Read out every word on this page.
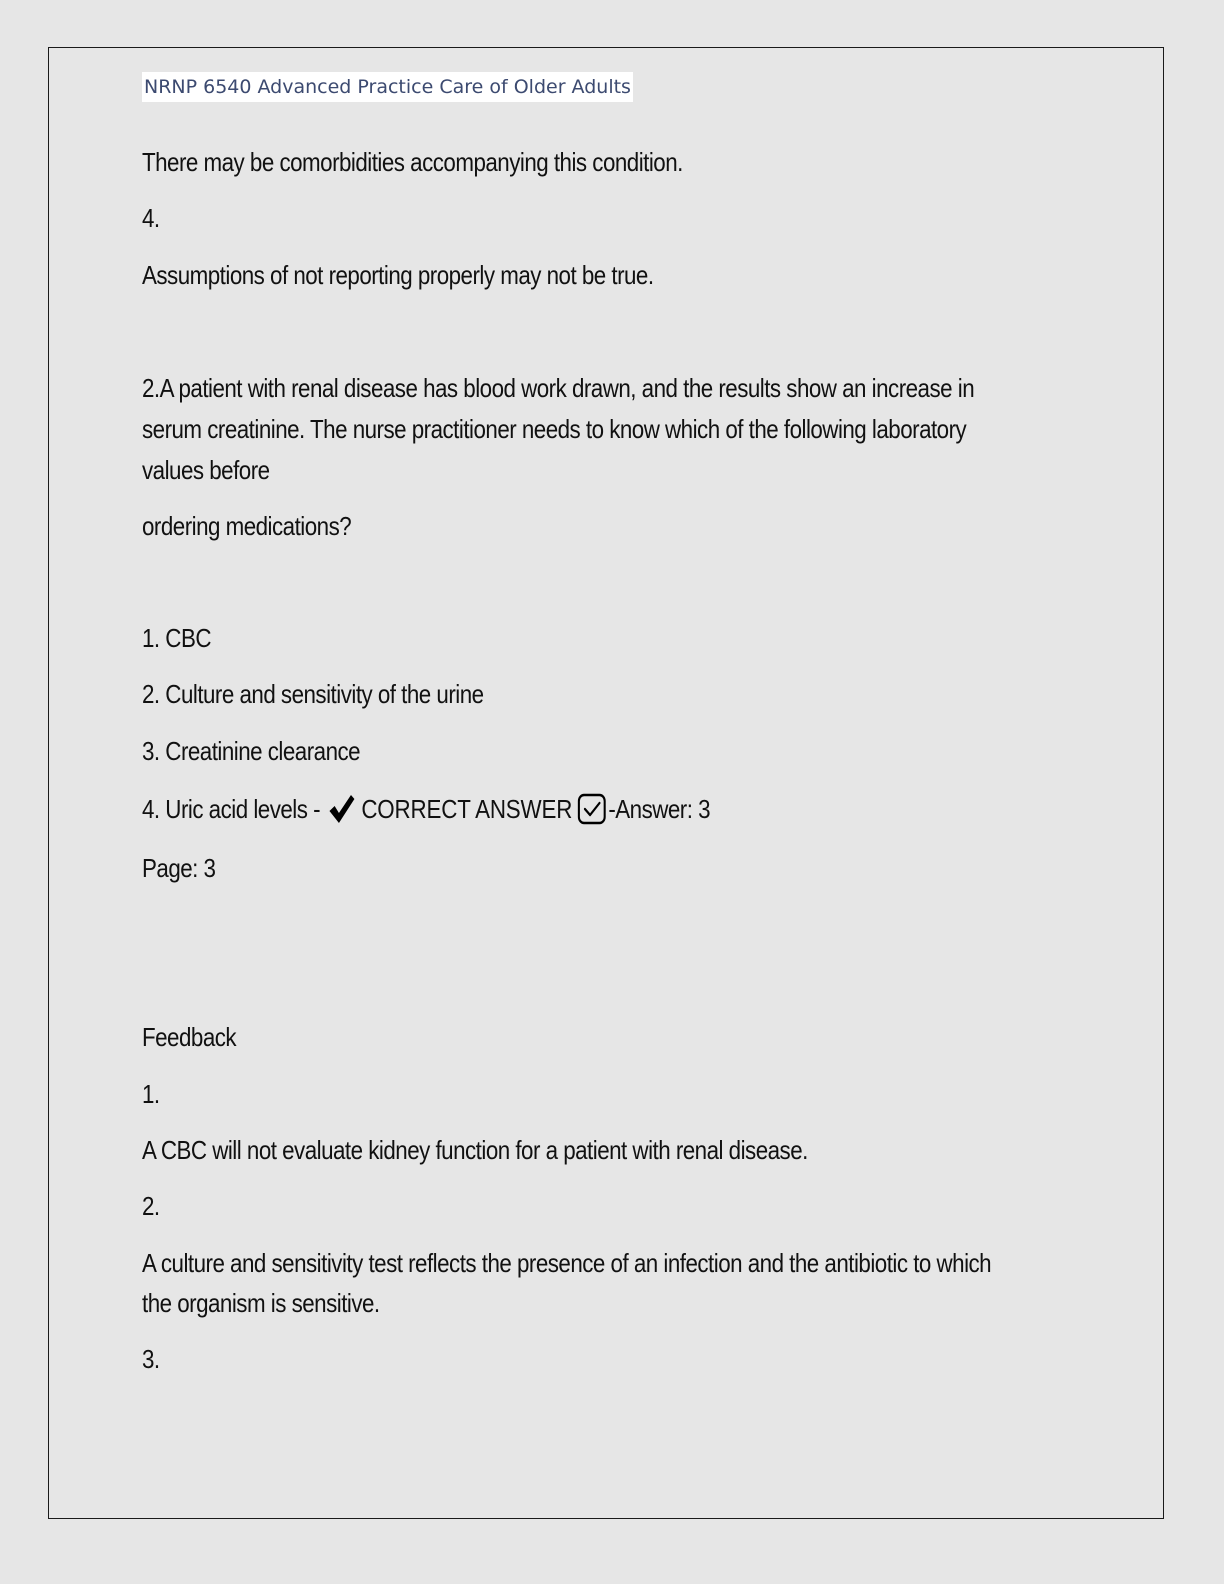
NRNP 6540 Advanced Practice Care of Older Adults
There may be comorbidities accompanying this condition.
4.
Assumptions of not reporting properly may not be true.
2.A patient with renal disease has blood work drawn, and the results show an increase in
serum creatinine. The nurse practitioner needs to know which of the following laboratory
values before
ordering medications?
1. CBC
2. Culture and sensitivity of the urine
3. Creatinine clearance
4. Uric acid levels - CORRECT ANSWER -Answer: 3
Page: 3
Feedback
1.
A CBC will not evaluate kidney function for a patient with renal disease.
2.
A culture and sensitivity test reflects the presence of an infection and the antibiotic to which
the organism is sensitive.
3.
